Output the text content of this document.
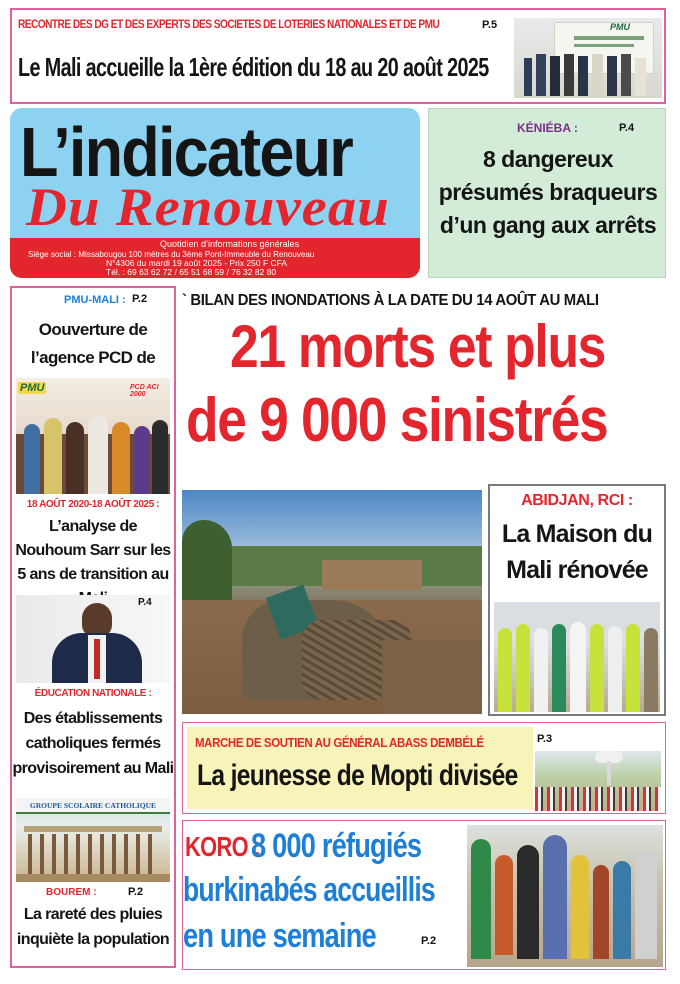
RECONTRE DES DG ET DES EXPERTS DES SOCIETES DE LOTERIES NATIONALES ET DE PMU	P.5
Le Mali accueille la 1ère édition du 18 au 20 août 2025
PMU
L’indicateur
Du Renouveau
Quotidien d’informations générales
Siège social : Missabougou 100 mètres du 3ème Pont-Immeuble du Renouveau
N°4306 du mardi 19 août 2025 - Prix 250 F CFA
Tél. : 69 63 62 72 / 65 51 68 59 / 76 32 82 80
KÉNIÉBA :	P.4
8 dangereux présumés braqueurs d’un gang aux arrêts
PMU-MALI : P.2
Oouverture de l’agence PCD de
PMU	PCD ACI 2000
18 AOÛT 2020-18 AOÛT 2025 :
L’analyse de Nouhoum Sarr sur les 5 ans de transition au
P.4
ÉDUCATION NATIONALE :
Des établissements catholiques fermés provisoirement au Mali
GROUPE SCOLAIRE CATHOLIQUE
BOUREM :	P.2
La rareté des pluies inquiète la population
` BILAN DES INONDATIONS À LA DATE DU 14 AOÛT AU MALI
21 morts et plus
de 9 000 sinistrés
ABIDJAN, RCI :
La Maison du Mali rénovée
MARCHE DE SOUTIEN AU GÉNÉRAL ABASS DEMBÉLÉ	P.3
La jeunesse de Mopti divisée
KORO :
8 000 réfugiés
burkinabés accueillis
en une semaine	P.2
